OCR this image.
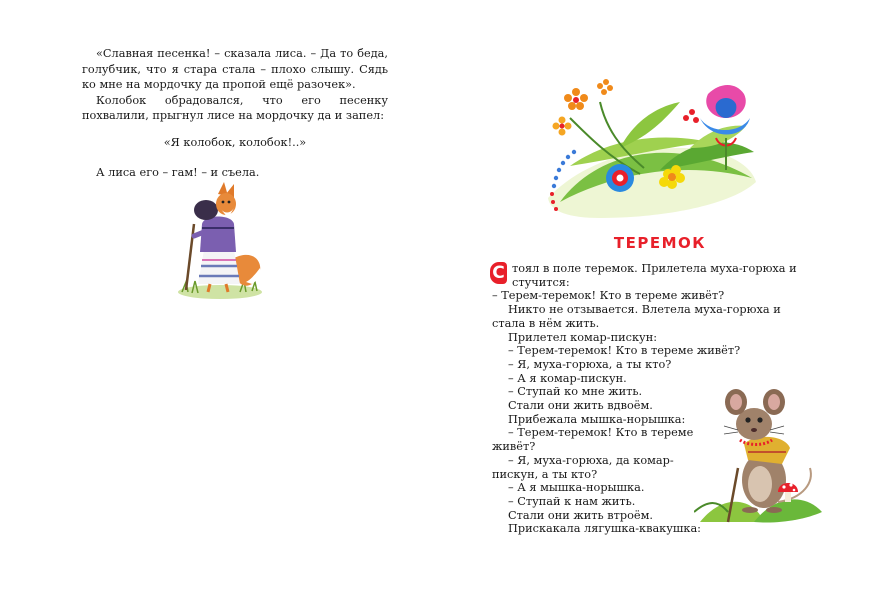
«Славная песенка! – сказала лиса. – Да то беда, голубчик, что я стара стала – плохо слышу. Сядь ко мне на мордочку да пропой ещё разочек».

Колобок обрадовался, что его песенку похвалили, прыгнул лисе на мордочку да и запел:

«Я колобок, колобок!..»

А лиса его – гам! – и съела.

ТЕРЕМОК

С тоял в поле теремок. Прилетела муха-горюха и стучится:

– Терем-теремок! Кто в тереме живёт?

Никто не отзывается. Влетела муха-горюха и стала в нём жить.

Прилетел комар-пискун:

– Терем-теремок! Кто в тереме живёт?

– Я, муха-горюха, а ты кто?

– А я комар-пискун.

– Ступай ко мне жить.

Стали они жить вдвоём.

Прибежала мышка-норышка:

– Терем-теремок! Кто в тереме живёт?

– Я, муха-горюха, да комар-пискун, а ты кто?

– А я мышка-норышка.

– Ступай к нам жить.

Стали они жить втроём.

Прискакала лягушка-квакушка:
